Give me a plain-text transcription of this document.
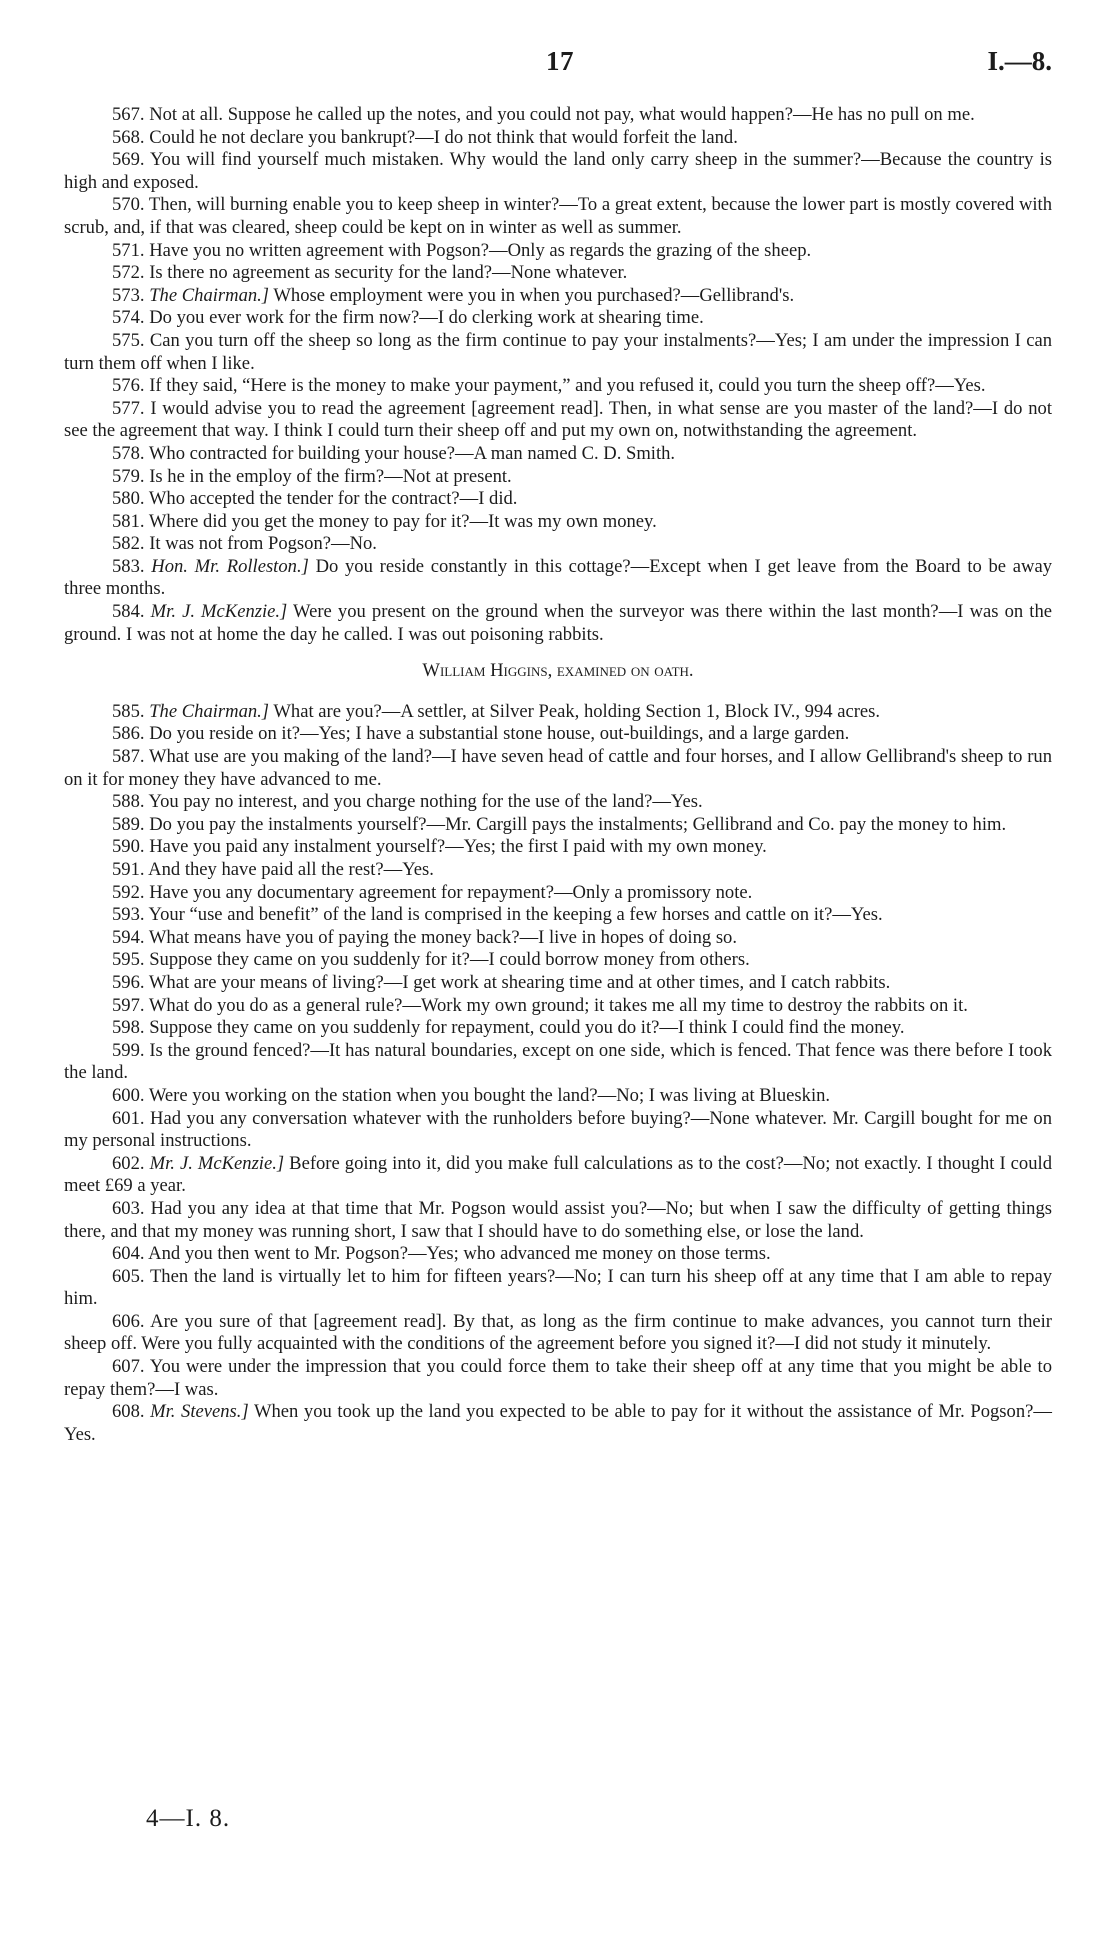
17	I.—8.

567. Not at all. Suppose he called up the notes, and you could not pay, what would happen?—He has no pull on me.

568. Could he not declare you bankrupt?—I do not think that would forfeit the land.

569. You will find yourself much mistaken. Why would the land only carry sheep in the summer?—Because the country is high and exposed.

570. Then, will burning enable you to keep sheep in winter?—To a great extent, because the lower part is mostly covered with scrub, and, if that was cleared, sheep could be kept on in winter as well as summer.

571. Have you no written agreement with Pogson?—Only as regards the grazing of the sheep.

572. Is there no agreement as security for the land?—None whatever.

573. The Chairman.] Whose employment were you in when you purchased?—Gellibrand's.

574. Do you ever work for the firm now?—I do clerking work at shearing time.

575. Can you turn off the sheep so long as the firm continue to pay your instalments?—Yes; I am under the impression I can turn them off when I like.

576. If they said, “Here is the money to make your payment,” and you refused it, could you turn the sheep off?—Yes.

577. I would advise you to read the agreement [agreement read]. Then, in what sense are you master of the land?—I do not see the agreement that way. I think I could turn their sheep off and put my own on, notwithstanding the agreement.

578. Who contracted for building your house?—A man named C. D. Smith.

579. Is he in the employ of the firm?—Not at present.

580. Who accepted the tender for the contract?—I did.

581. Where did you get the money to pay for it?—It was my own money.

582. It was not from Pogson?—No.

583. Hon. Mr. Rolleston.] Do you reside constantly in this cottage?—Except when I get leave from the Board to be away three months.

584. Mr. J. McKenzie.] Were you present on the ground when the surveyor was there within the last month?—I was on the ground. I was not at home the day he called. I was out poisoning rabbits.

William Higgins, examined on oath.

585. The Chairman.] What are you?—A settler, at Silver Peak, holding Section 1, Block IV., 994 acres.

586. Do you reside on it?—Yes; I have a substantial stone house, out-buildings, and a large garden.

587. What use are you making of the land?—I have seven head of cattle and four horses, and I allow Gellibrand's sheep to run on it for money they have advanced to me.

588. You pay no interest, and you charge nothing for the use of the land?—Yes.

589. Do you pay the instalments yourself?—Mr. Cargill pays the instalments; Gellibrand and Co. pay the money to him.

590. Have you paid any instalment yourself?—Yes; the first I paid with my own money.

591. And they have paid all the rest?—Yes.

592. Have you any documentary agreement for repayment?—Only a promissory note.

593. Your “use and benefit” of the land is comprised in the keeping a few horses and cattle on it?—Yes.

594. What means have you of paying the money back?—I live in hopes of doing so.

595. Suppose they came on you suddenly for it?—I could borrow money from others.

596. What are your means of living?—I get work at shearing time and at other times, and I catch rabbits.

597. What do you do as a general rule?—Work my own ground; it takes me all my time to destroy the rabbits on it.

598. Suppose they came on you suddenly for repayment, could you do it?—I think I could find the money.

599. Is the ground fenced?—It has natural boundaries, except on one side, which is fenced. That fence was there before I took the land.

600. Were you working on the station when you bought the land?—No; I was living at Blueskin.

601. Had you any conversation whatever with the runholders before buying?—None whatever. Mr. Cargill bought for me on my personal instructions.

602. Mr. J. McKenzie.] Before going into it, did you make full calculations as to the cost?—No; not exactly. I thought I could meet £69 a year.

603. Had you any idea at that time that Mr. Pogson would assist you?—No; but when I saw the difficulty of getting things there, and that my money was running short, I saw that I should have to do something else, or lose the land.

604. And you then went to Mr. Pogson?—Yes; who advanced me money on those terms.

605. Then the land is virtually let to him for fifteen years?—No; I can turn his sheep off at any time that I am able to repay him.

606. Are you sure of that [agreement read]. By that, as long as the firm continue to make advances, you cannot turn their sheep off. Were you fully acquainted with the conditions of the agreement before you signed it?—I did not study it minutely.

607. You were under the impression that you could force them to take their sheep off at any time that you might be able to repay them?—I was.

608. Mr. Stevens.] When you took up the land you expected to be able to pay for it without the assistance of Mr. Pogson?—Yes.

4—I. 8.
